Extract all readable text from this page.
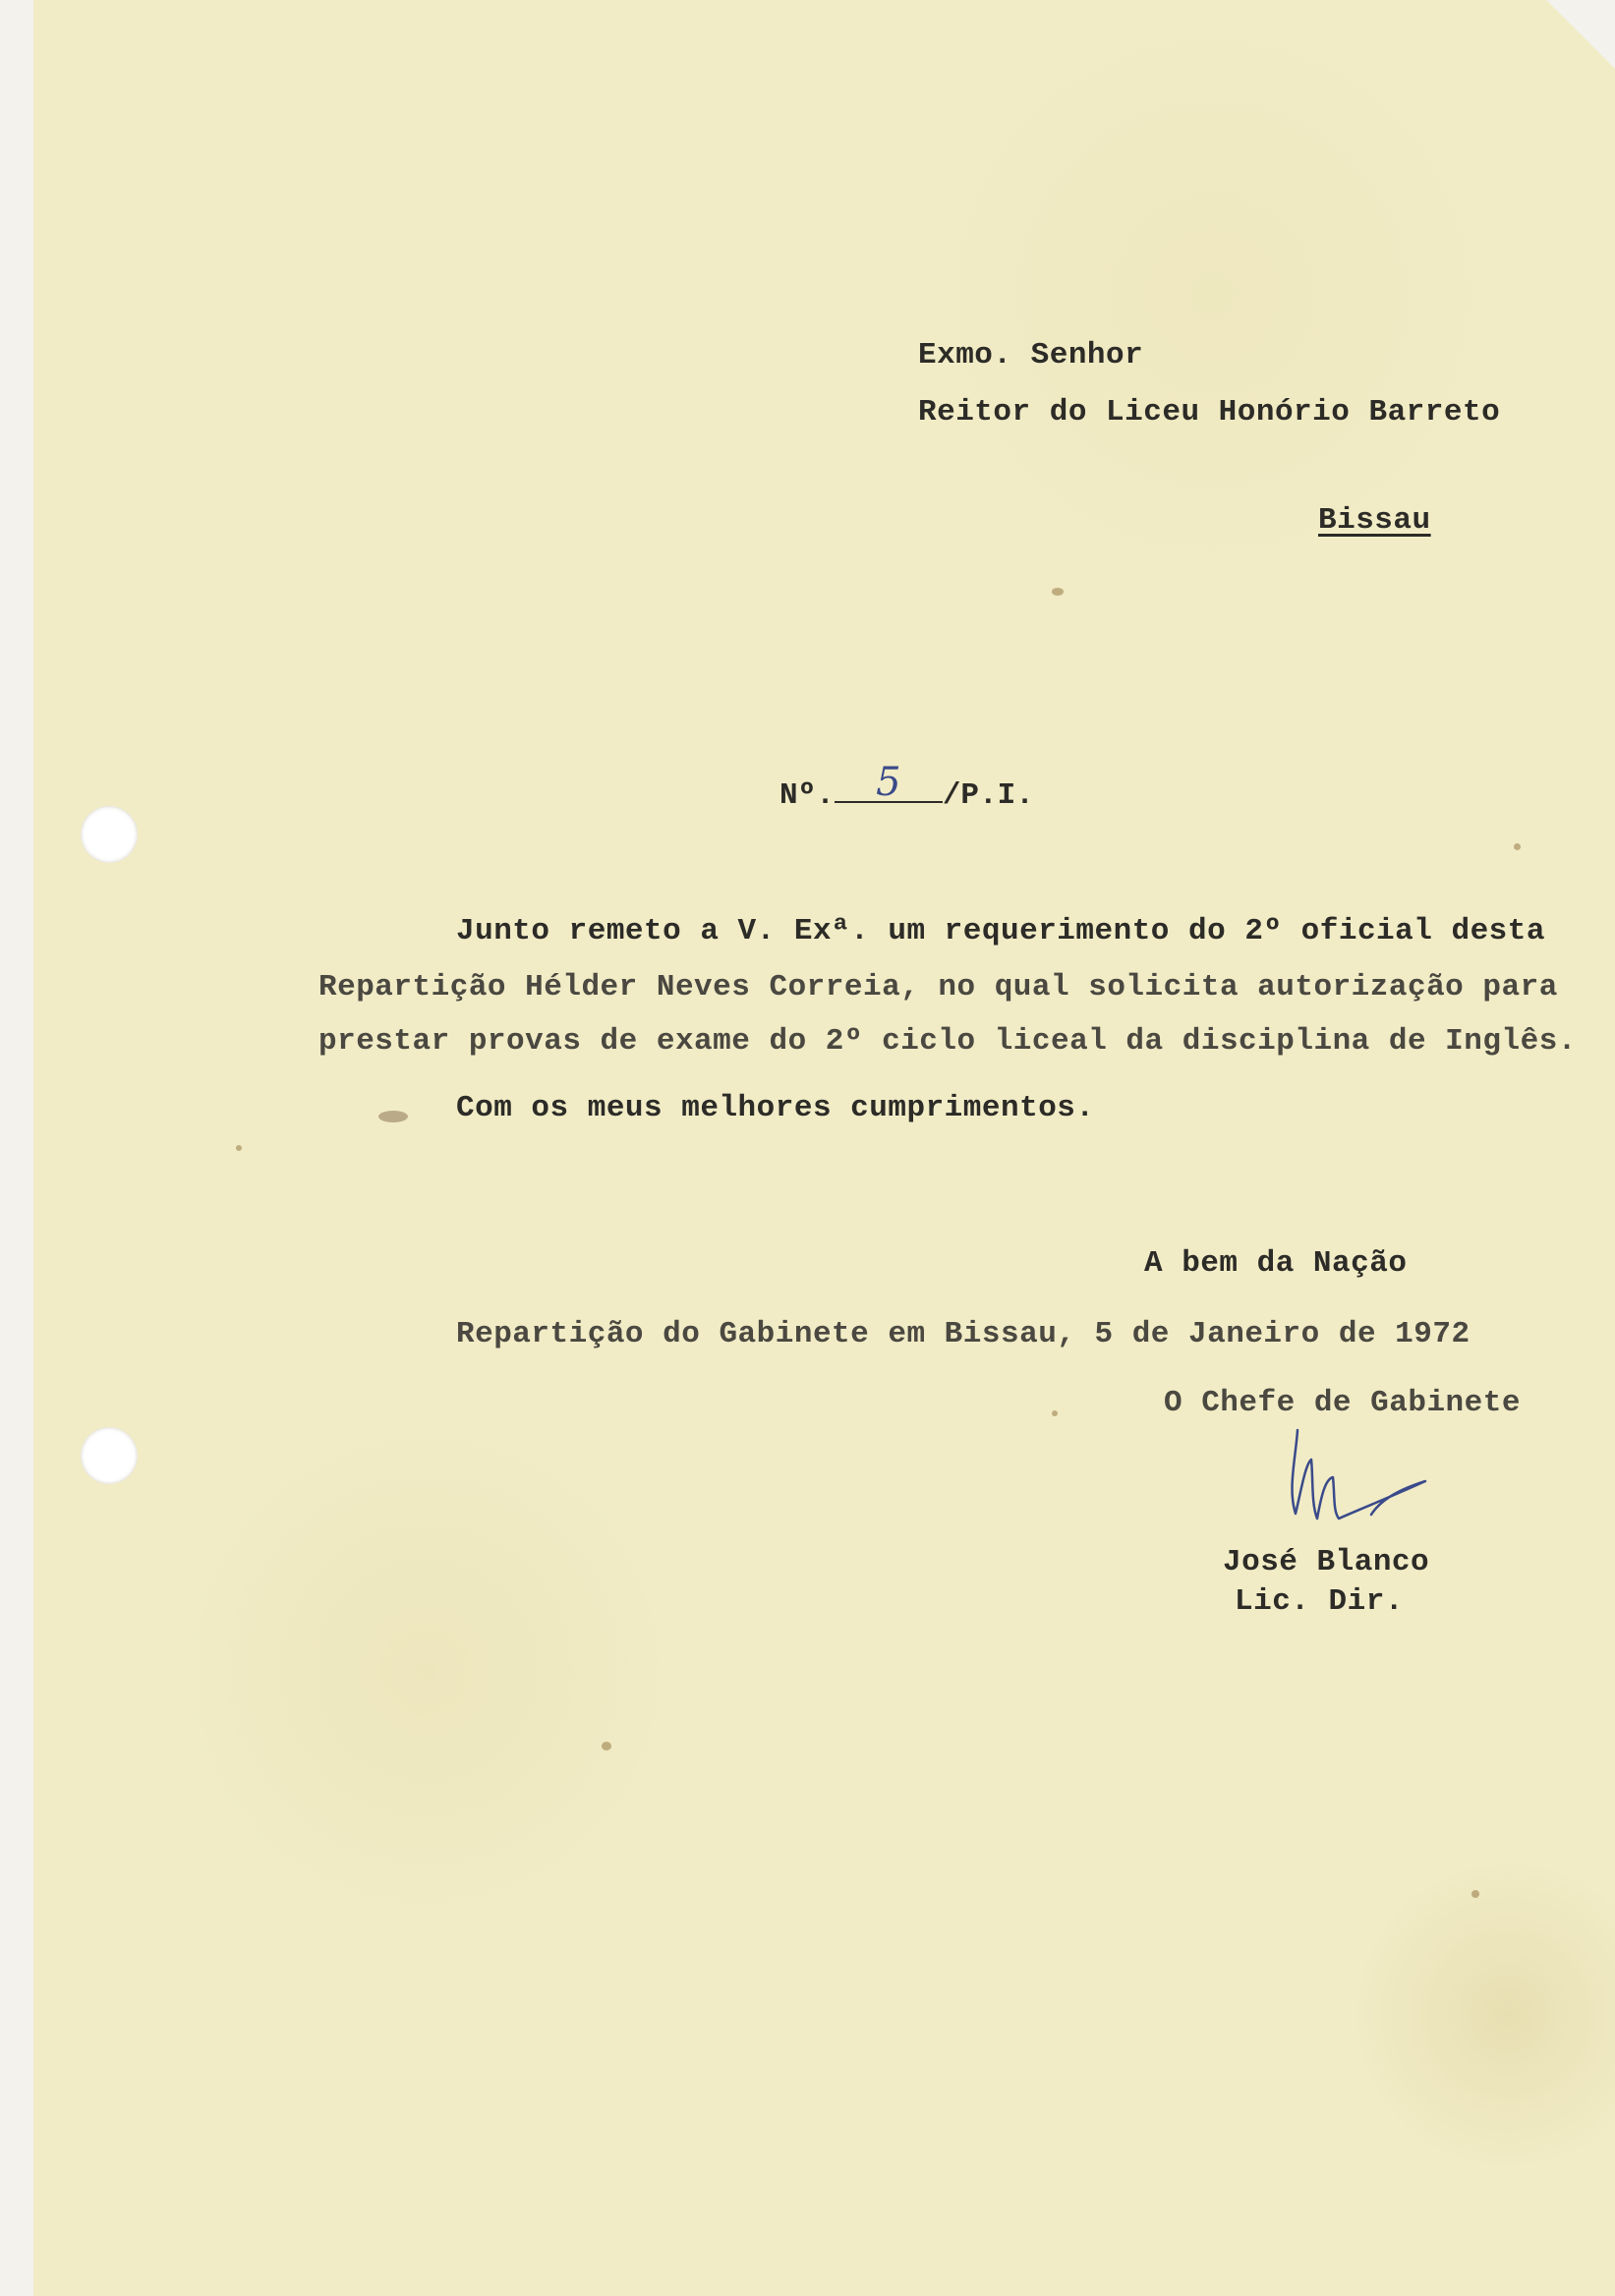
Exmo. Senhor
Reitor do Liceu Honório Barreto
Bissau
Junto remeto a V. Exª. um requerimento do 2º oficial desta
Repartição Hélder Neves Correia, no qual solicita autorização para
prestar provas de exame do 2º ciclo liceal da disciplina de Inglês.
Com os meus melhores cumprimentos.
A bem da Nação
Repartição do Gabinete em Bissau, 5 de Janeiro de 1972
O Chefe de Gabinete
José Blanco
Lic. Dir.
Nº.	5	/P.I.
